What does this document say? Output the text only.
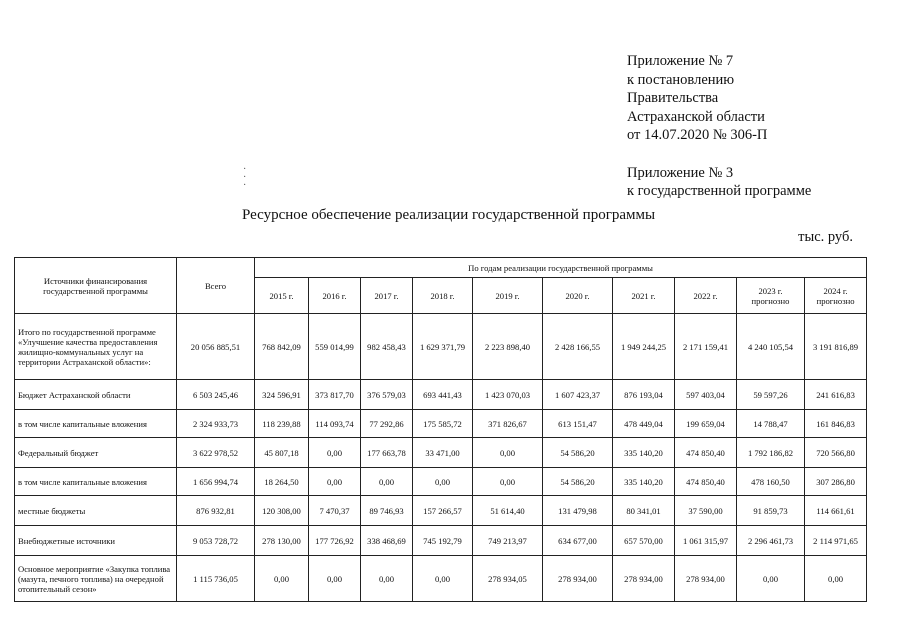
Приложение № 7
к постановлению
Правительства
Астраханской области
от 14.07.2020 № 306-П
Приложение № 3
к государственной программе
·
·
·
Ресурсное обеспечение реализации государственной программы
тыс. руб.
Источники финансирования государственной программы	Всего	По годам реализации государственной программы									
		2015 г.	2016 г.	2017 г.	2018 г.	2019 г.	2020 г.	2021 г.	2022 г.	2023 г. прогнозно	2024 г. прогнозно
Итого по государственной программе «Улучшение качества предоставления жилищно-коммунальных услуг на территории Астраханской области»:	20 056 885,51	768 842,09	559 014,99	982 458,43	1 629 371,79	2 223 898,40	2 428 166,55	1 949 244,25	2 171 159,41	4 240 105,54	3 191 816,89
Бюджет Астраханской области	6 503 245,46	324 596,91	373 817,70	376 579,03	693 441,43	1 423 070,03	1 607 423,37	876 193,04	597 403,04	59 597,26	241 616,83
в том числе капитальные вложения	2 324 933,73	118 239,88	114 093,74	77 292,86	175 585,72	371 826,67	613 151,47	478 449,04	199 659,04	14 788,47	161 846,83
Федеральный бюджет	3 622 978,52	45 807,18	0,00	177 663,78	33 471,00	0,00	54 586,20	335 140,20	474 850,40	1 792 186,82	720 566,80
в том числе капитальные вложения	1 656 994,74	18 264,50	0,00	0,00	0,00	0,00	54 586,20	335 140,20	474 850,40	478 160,50	307 286,80
местные бюджеты	876 932,81	120 308,00	7 470,37	89 746,93	157 266,57	51 614,40	131 479,98	80 341,01	37 590,00	91 859,73	114 661,61
Внебюджетные источники	9 053 728,72	278 130,00	177 726,92	338 468,69	745 192,79	749 213,97	634 677,00	657 570,00	1 061 315,97	2 296 461,73	2 114 971,65
Основное мероприятие «Закупка топлива (мазута, печного топлива) на очередной отопительный сезон»	1 115 736,05	0,00	0,00	0,00	0,00	278 934,05	278 934,00	278 934,00	278 934,00	0,00	0,00
